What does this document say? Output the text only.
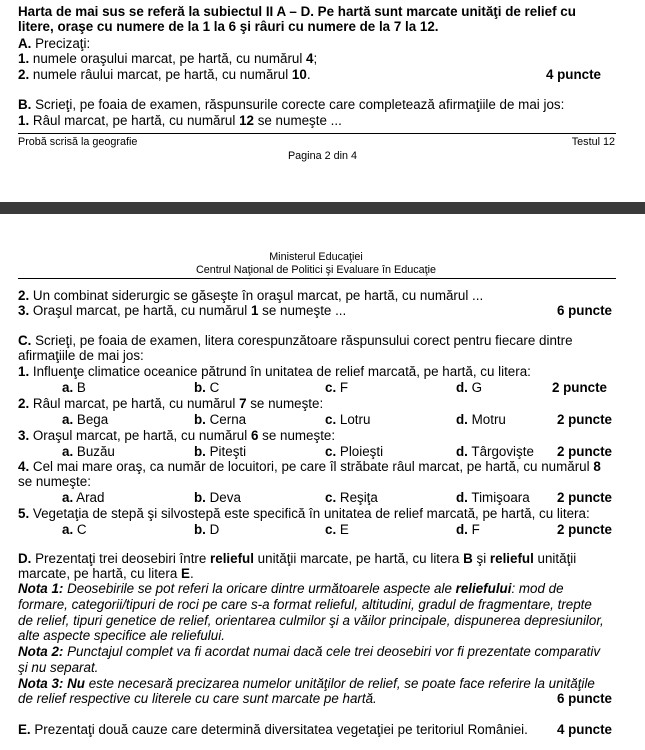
Harta de mai sus se referă la subiectul II A – D. Pe hartă sunt marcate unităţi de relief cu
litere, oraşe cu numere de la 1 la 6 şi râuri cu numere de la 7 la 12.
A. Precizaţi:
1. numele oraşului marcat, pe hartă, cu numărul 4;
2. numele râului marcat, pe hartă, cu numărul 10.	4 puncte
B. Scrieţi, pe foaia de examen, răspunsurile corecte care completează afirmaţiile de mai jos:
1. Râul marcat, pe hartă, cu numărul 12 se numeşte ...
Probă scrisă la geografie	Testul 12
Pagina 2 din 4
Ministerul Educaţiei
Centrul Naţional de Politici şi Evaluare în Educaţie
2. Un combinat siderurgic se găseşte în oraşul marcat, pe hartă, cu numărul ...
3. Oraşul marcat, pe hartă, cu numărul 1 se numeşte ...	6 puncte
C. Scrieţi, pe foaia de examen, litera corespunzătoare răspunsului corect pentru fiecare dintre
afirmaţiile de mai jos:
1. Influenţe climatice oceanice pătrund în unitatea de relief marcată, pe hartă, cu litera:
a. B	b. C	c. F	d. G	2 puncte
2. Râul marcat, pe hartă, cu numărul 7 se numeşte:
a. Bega	b. Cerna	c. Lotru	d. Motru	2 puncte
3. Oraşul marcat, pe hartă, cu numărul 6 se numeşte:
a. Buzău	b. Piteşti	c. Ploieşti	d. Târgovişte 2 puncte
4. Cel mai mare oraş, ca număr de locuitori, pe care îl străbate râul marcat, pe hartă, cu numărul 8
se numeşte:
a. Arad	b. Deva	c. Reşiţa	d. Timişoara 2 puncte
5. Vegetaţia de stepă şi silvostepă este specifică în unitatea de relief marcată, pe hartă, cu litera:
a. C	b. D	c. E	d. F	2 puncte
D. Prezentaţi trei deosebiri între relieful unităţii marcate, pe hartă, cu litera B şi relieful unităţii
marcate, pe hartă, cu litera E.
Nota 1: Deosebirile se pot referi la oricare dintre următoarele aspecte ale reliefului: mod de
formare, categorii/tipuri de roci pe care s-a format relieful, altitudini, gradul de fragmentare, trepte
de relief, tipuri genetice de relief, orientarea culmilor şi a văilor principale, dispunerea depresiunilor,
alte aspecte specifice ale reliefului.
Nota 2: Punctajul complet va fi acordat numai dacă cele trei deosebiri vor fi prezentate comparativ
şi nu separat.
Nota 3: Nu este necesară precizarea numelor unităţilor de relief, se poate face referire la unităţile
de relief respective cu literele cu care sunt marcate pe hartă.	6 puncte
E. Prezentaţi două cauze care determină diversitatea vegetaţiei pe teritoriul României. 4 puncte
